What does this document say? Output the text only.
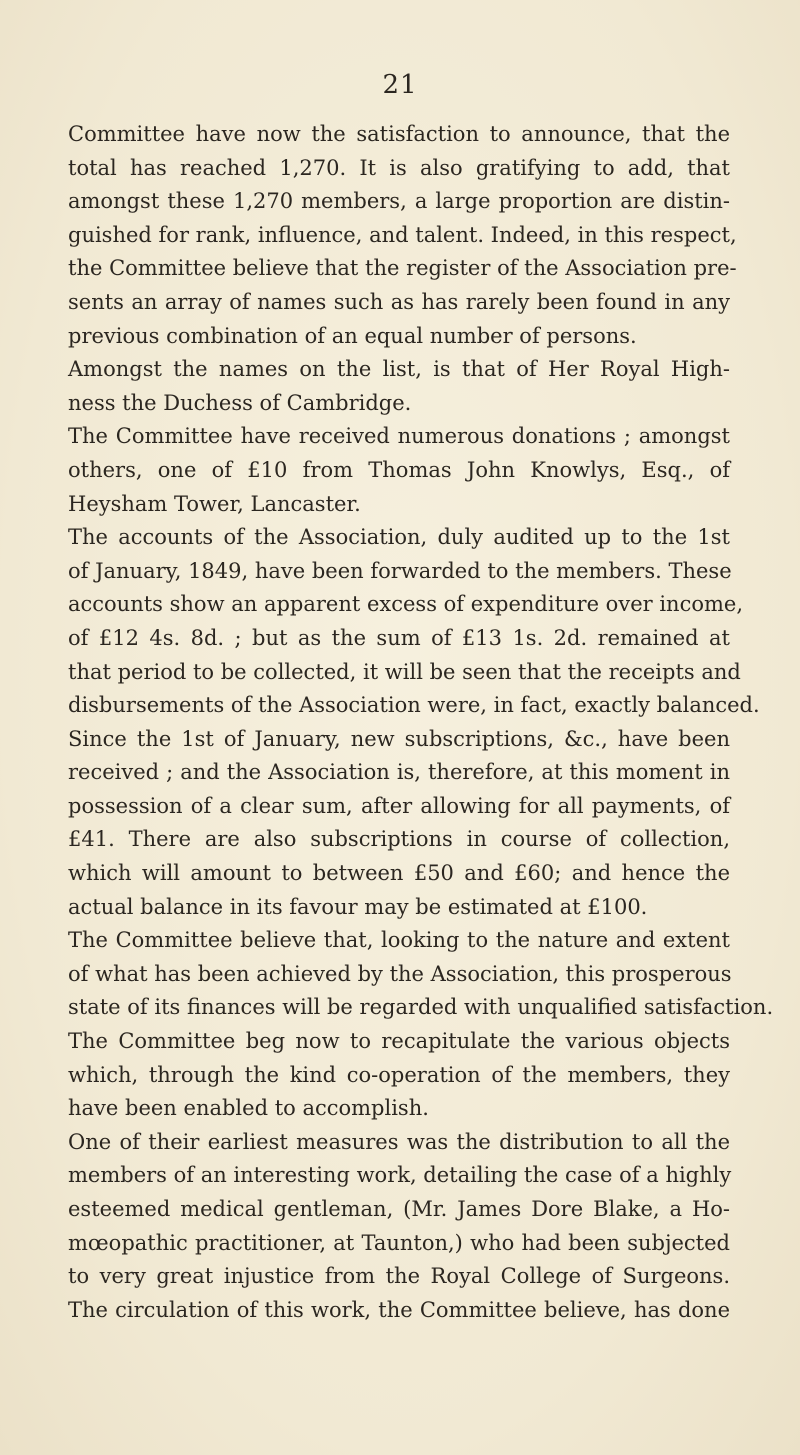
21
Committee have now the satisfaction to announce, that the
total has reached 1,270. It is also gratifying to add, that
amongst these 1,270 members, a large proportion are distin-
guished for rank, influence, and talent. Indeed, in this respect,
the Committee believe that the register of the Association pre-
sents an array of names such as has rarely been found in any
previous combination of an equal number of persons.
Amongst the names on the list, is that of Her Royal High-
ness the Duchess of Cambridge.
The Committee have received numerous donations ; amongst
others, one of £10 from Thomas John Knowlys, Esq., of
Heysham Tower, Lancaster.
The accounts of the Association, duly audited up to the 1st
of January, 1849, have been forwarded to the members. These
accounts show an apparent excess of expenditure over income,
of £12 4s. 8d. ; but as the sum of £13 1s. 2d. remained at
that period to be collected, it will be seen that the receipts and
disbursements of the Association were, in fact, exactly balanced.
Since the 1st of January, new subscriptions, &c., have been
received ; and the Association is, therefore, at this moment in
possession of a clear sum, after allowing for all payments, of
£41. There are also subscriptions in course of collection,
which will amount to between £50 and £60; and hence the
actual balance in its favour may be estimated at £100.
The Committee believe that, looking to the nature and extent
of what has been achieved by the Association, this prosperous
state of its finances will be regarded with unqualified satisfaction.
The Committee beg now to recapitulate the various objects
which, through the kind co-operation of the members, they
have been enabled to accomplish.
One of their earliest measures was the distribution to all the
members of an interesting work, detailing the case of a highly
esteemed medical gentleman, (Mr. James Dore Blake, a Ho-
mœopathic practitioner, at Taunton,) who had been subjected
to very great injustice from the Royal College of Surgeons.
The circulation of this work, the Committee believe, has done
